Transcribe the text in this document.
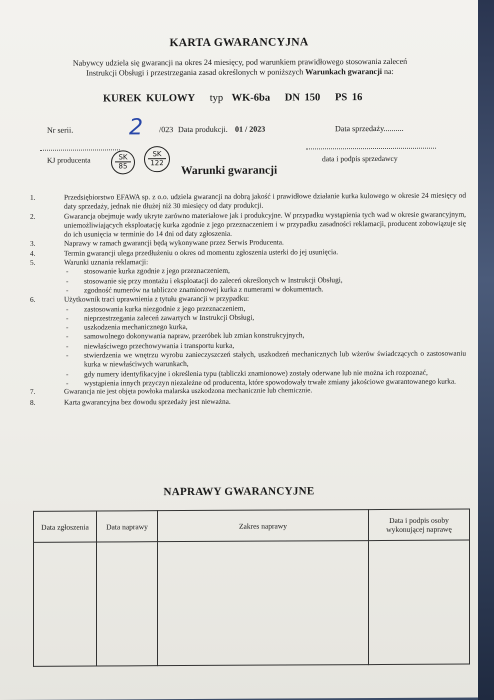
KARTA GWARANCYJNA
Nabywcy udziela się gwarancji na okres 24 miesięcy, pod warunkiem prawidłowego stosowania zaleceń
Instrukcji Obsługi i przestrzegania zasad określonych w poniższych Warunkach gwarancji na:
KUREK KULOWY typ WK-6ba DN 150 PS 16
Nr serii.	2 /023 Data produkcji. 01 / 2023	Data sprzedaży..........
KJ producenta	SK
85
SK
122	data i podpis sprzedawcy
Warunki gwarancji
1.	Przedsiębiorstwo EFAWA sp. z o.o. udziela gwarancji na dobrą jakość i prawidłowe działanie kurka kulowego w okresie 24 miesięcy od daty sprzedaży, jednak nie dłużej niż 30 miesięcy od daty produkcji.
2.	Gwarancja obejmuje wady ukryte zarówno materiałowe jak i produkcyjne. W przypadku wystąpienia tych wad w okresie gwarancyjnym, uniemożliwiających eksploatację kurka zgodnie z jego przeznaczeniem i w przypadku zasadności reklamacji, producent zobowiązuje się do ich usunięcia w terminie do 14 dni od daty zgłoszenia.
3.	Naprawy w ramach gwarancji będą wykonywane przez Serwis Producenta.
4.	Termin gwarancji ulega przedłużeniu o okres od momentu zgłoszenia usterki do jej usunięcia.
5.	Warunki uznania reklamacji:
- stosowanie kurka zgodnie z jego przeznaczeniem,
- stosowanie się przy montażu i eksploatacji do zaleceń określonych w Instrukcji Obsługi,
- zgodność numerów na tabliczce znamionowej kurka z numerami w dokumentach.
6.	Użytkownik traci uprawnienia z tytułu gwarancji w przypadku:
- zastosowania kurka niezgodnie z jego przeznaczeniem,
- nieprzestrzegania zaleceń zawartych w Instrukcji Obsługi,
- uszkodzenia mechanicznego kurka,
- samowolnego dokonywania napraw, przeróbek lub zmian konstrukcyjnych,
- niewłaściwego przechowywania i transportu kurka,
- stwierdzenia we wnętrzu wyrobu zanieczyszczeń stałych, uszkodzeń mechanicznych lub wżerów świadczących o zastosowaniu kurka w niewłaściwych warunkach,
- gdy numery identyfikacyjne i określenia typu (tabliczki znamionowe) zostały oderwane lub nie można ich rozpoznać,
- wystąpienia innych przyczyn niezależne od producenta, które spowodowały trwałe zmiany jakościowe gwarantowanego kurka.
7.	Gwarancja nie jest objęta powłoka malarska uszkodzona mechanicznie lub chemicznie.
8.	Karta gwarancyjna bez dowodu sprzedaży jest nieważna.
NAPRAWY GWARANCYJNE
Data zgłoszenia	Data naprawy	Zakres naprawy	Data i podpis osoby wykonującej naprawę
